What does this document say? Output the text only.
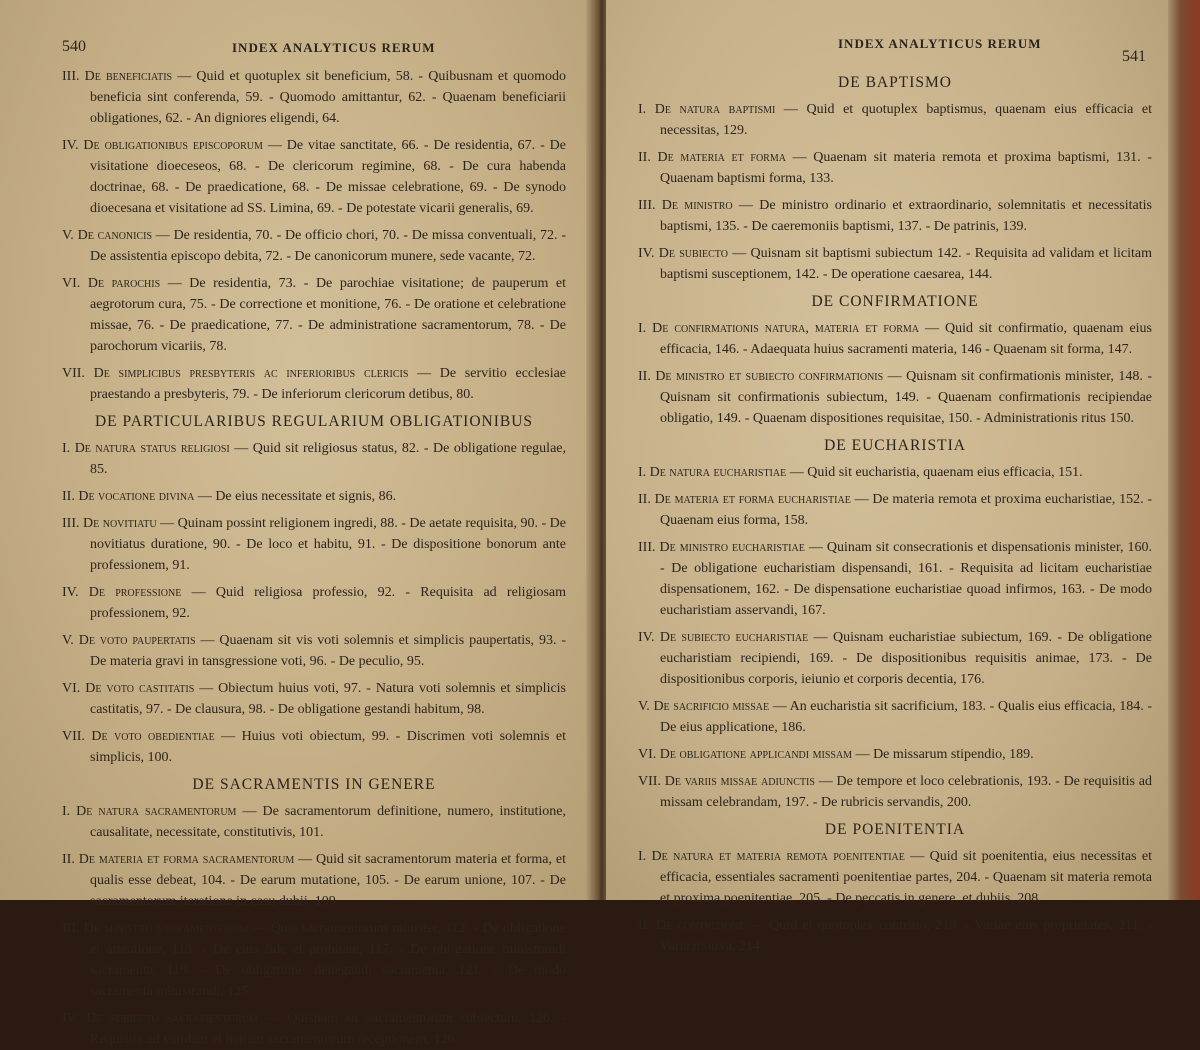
540	INDEX ANALYTICUS RERUM

III. De beneficiatis — Quid et quotuplex sit beneficium, 58. - Quibusnam et quomodo beneficia sint conferenda, 59. - Quomodo amittantur, 62. - Quaenam beneficiarii obligationes, 62. - An digniores eligendi, 64.

IV. De obligationibus episcoporum — De vitae sanctitate, 66. - De residentia, 67. - De visitatione dioeceseos, 68. - De clericorum regimine, 68. - De cura habenda doctrinae, 68. - De praedicatione, 68. - De missae celebratione, 69. - De synodo dioecesana et visitatione ad SS. Limina, 69. - De potestate vicarii generalis, 69.

V. De canonicis — De residentia, 70. - De officio chori, 70. - De missa conventuali, 72. - De assistentia episcopo debita, 72. - De canonicorum munere, sede vacante, 72.

VI. De parochis — De residentia, 73. - De parochiae visitatione; de pauperum et aegrotorum cura, 75. - De correctione et monitione, 76. - De oratione et celebratione missae, 76. - De praedicatione, 77. - De administratione sacramentorum, 78. - De parochorum vicariis, 78.

VII. De simplicibus presbyteris ac inferioribus clericis — De servitio ecclesiae praestando a presbyteris, 79. - De inferiorum clericorum detibus, 80.

DE PARTICULARIBUS REGULARIUM OBLIGATIONIBUS

I. De natura status religiosi — Quid sit religiosus status, 82. - De obligatione regulae, 85.

II. De vocatione divina — De eius necessitate et signis, 86.

III. De novitiatu — Quinam possint religionem ingredi, 88. - De aetate requisita, 90. - De novitiatus duratione, 90. - De loco et habitu, 91. - De dispositione bonorum ante professionem, 91.

IV. De professione — Quid religiosa professio, 92. - Requisita ad religiosam professionem, 92.

V. De voto paupertatis — Quaenam sit vis voti solemnis et simplicis paupertatis, 93. - De materia gravi in tansgressione voti, 96. - De peculio, 95.

VI. De voto castitatis — Obiectum huius voti, 97. - Natura voti solemnis et simplicis castitatis, 97. - De clausura, 98. - De obligatione gestandi habitum, 98.

VII. De voto obedientiae — Huius voti obiectum, 99. - Discrimen voti solemnis et simplicis, 100.

DE SACRAMENTIS IN GENERE

I. De natura sacramentorum — De sacramentorum definitione, numero, institutione, causalitate, necessitate, constitutivis, 101.

II. De materia et forma sacramentorum — Quid sit sacramentorum materia et forma, et qualis esse debeat, 104. - De earum mutatione, 105. - De earum unione, 107. - De sacramentorum iteratione in casu dubii, 109.

III. De ministro sacramentorum — Quis sacramentorum minister, 112. - De obligatione et attentione, 113. - De eius fide et probitate, 117. - De obligatione ministrandi sacramenta, 119. - De obligatione denegandi sacramenta, 121. - De modo sacramenta ministrandi, 125.

IV. De subiecto sacramentorum — Quisnam sit sacramentorum subiectum, 126. - Requisita ad validam et licitam sacramentorum receptionem, 126.

INDEX ANALYTICUS RERUM
541
DE BAPTISMO

I. De natura baptismi — Quid et quotuplex baptismus, quaenam eius efficacia et necessitas, 129.

II. De materia et forma — Quaenam sit materia remota et proxima baptismi, 131. - Quaenam baptismi forma, 133.

III. De ministro — De ministro ordinario et extraordinario, solemnitatis et necessitatis baptismi, 135. - De caeremoniis baptismi, 137. - De patrinis, 139.

IV. De subiecto — Quisnam sit baptismi subiectum 142. - Requisita ad validam et licitam baptismi susceptionem, 142. - De operatione caesarea, 144.

DE CONFIRMATIONE

I. De confirmationis natura, materia et forma — Quid sit confirmatio, quaenam eius efficacia, 146. - Adaequata huius sacramenti materia, 146 - Quaenam sit forma, 147.

II. De ministro et subiecto confirmationis — Quisnam sit confirmationis minister, 148. - Quisnam sit confirmationis subiectum, 149. - Quaenam confirmationis recipiendae obligatio, 149. - Quaenam dispositiones requisitae, 150. - Administrationis ritus 150.

DE EUCHARISTIA

I. De natura eucharistiae — Quid sit eucharistia, quaenam eius efficacia, 151.

II. De materia et forma eucharistiae — De materia remota et proxima eucharistiae, 152. - Quaenam eius forma, 158.

III. De ministro eucharistiae — Quinam sit consecrationis et dispensationis minister, 160. - De obligatione eucharistiam dispensandi, 161. - Requisita ad licitam eucharistiae dispensationem, 162. - De dispensatione eucharistiae quoad infirmos, 163. - De modo eucharistiam asservandi, 167.

IV. De subiecto eucharistiae — Quisnam eucharistiae subiectum, 169. - De obligatione eucharistiam recipiendi, 169. - De dispositionibus requisitis animae, 173. - De dispositionibus corporis, ieiunio et corporis decentia, 176.

V. De sacrificio missae — An eucharistia sit sacrificium, 183. - Qualis eius efficacia, 184. - De eius applicatione, 186.

VI. De obligatione applicandi missam — De missarum stipendio, 189.

VII. De variis missae adiunctis — De tempore et loco celebrationis, 193. - De requisitis ad missam celebrandam, 197. - De rubricis servandis, 200.

DE POENITENTIA

I. De natura et materia remota poenitentiae — Quid sit poenitentia, eius necessitas et efficacia, essentiales sacramenti poenitentiae partes, 204. - Quaenam sit materia remota et proxima poenitentiae, 205. - De peccatis in genere, et dubiis, 208.

II. De contritione — Quid et quotuplex contritio, 210. - Variae eius proprietates, 211. - Varia motiva, 214.
